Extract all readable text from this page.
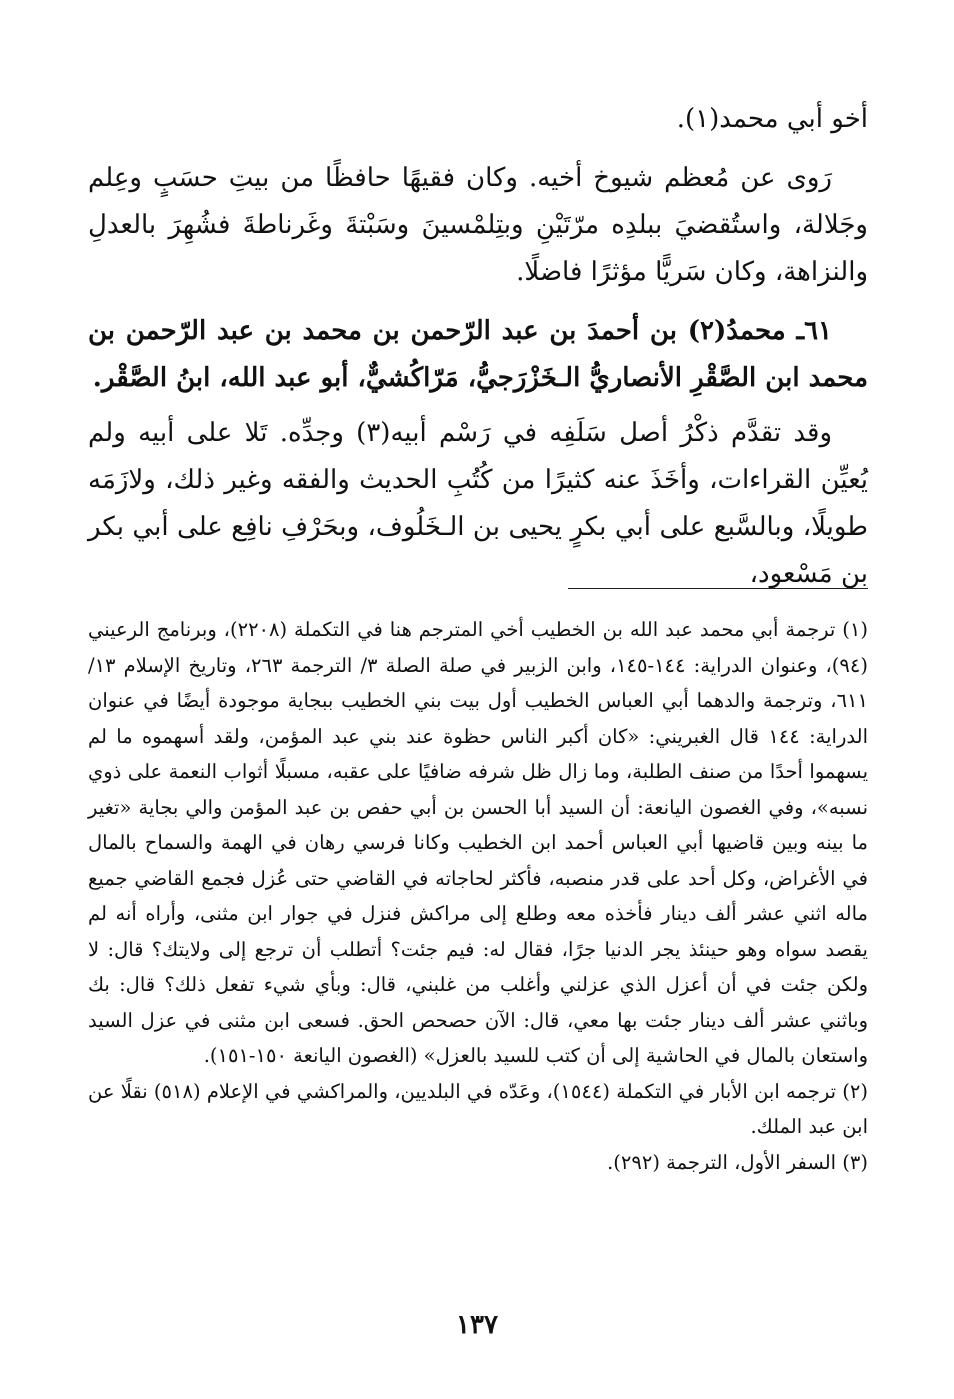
أخو أبي محمد(١).

رَوى عن مُعظم شيوخ أخيه. وكان فقيهًا حافظًا من بيتِ حسَبٍ وعِلم وجَلالة، واستُقضيَ ببلدِه مرّتَيْنِ وبتِلمْسينَ وسَبْتةَ وغَرناطةَ فشُهِرَ بالعدلِ والنزاهة، وكان سَريًّا مؤثرًا فاضلًا.

٦١ـ محمدُ(٢) بن أحمدَ بن عبد الرّحمن بن محمد بن عبد الرّحمن بن محمد ابن الصَّقْرِ الأنصاريُّ الـخَزْرَجيُّ، مَرّاكُشيٌّ، أبو عبد الله، ابنُ الصَّقْر.

وقد تقدَّم ذكْرُ أصل سَلَفِه في رَسْم أبيه(٣) وجدِّه. تَلا على أبيه ولم يُعيِّن القراءات، وأخَذَ عنه كثيرًا من كُتُبِ الحديث والفقه وغير ذلك، ولازَمَه طويلًا، وبالسَّبع على أبي بكرٍ يحيى بن الـخَلُوف، وبحَرْفِ نافِع على أبي بكر بن مَسْعود،

(١) ترجمة أبي محمد عبد الله بن الخطيب أخي المترجم هنا في التكملة (٢٢٠٨)، وبرنامج الرعيني (٩٤)، وعنوان الدراية: ١٤٤-١٤٥، وابن الزبير في صلة الصلة ٣/ الترجمة ٢٦٣، وتاريخ الإسلام ١٣/ ٦١١، وترجمة والدهما أبي العباس الخطيب أول بيت بني الخطيب ببجاية موجودة أيضًا في عنوان الدراية: ١٤٤ قال الغبريني: «كان أكبر الناس حظوة عند بني عبد المؤمن، ولقد أسهموه ما لم يسهموا أحدًا من صنف الطلبة، وما زال ظل شرفه ضافيًا على عقبه، مسبلًا أثواب النعمة على ذوي نسبه»، وفي الغصون اليانعة: أن السيد أبا الحسن بن أبي حفص بن عبد المؤمن والي بجاية «تغير ما بينه وبين قاضيها أبي العباس أحمد ابن الخطيب وكانا فرسي رهان في الهمة والسماح بالمال في الأغراض، وكل أحد على قدر منصبه، فأكثر لحاجاته في القاضي حتى عُزل فجمع القاضي جميع ماله اثني عشر ألف دينار فأخذه معه وطلع إلى مراكش فنزل في جوار ابن مثنى، وأراه أنه لم يقصد سواه وهو حينئذ يجر الدنيا جرًا، فقال له: فيم جئت؟ أتطلب أن ترجع إلى ولايتك؟ قال: لا ولكن جئت في أن أعزل الذي عزلني وأغلب من غلبني، قال: وبأي شيء تفعل ذلك؟ قال: بك وباثني عشر ألف دينار جئت بها معي، قال: الآن حصحص الحق. فسعى ابن مثنى في عزل السيد واستعان بالمال في الحاشية إلى أن كتب للسيد بالعزل» (الغصون اليانعة ١٥٠-١٥١).

(٢) ترجمه ابن الأبار في التكملة (١٥٤٤)، وعَدّه في البلديين، والمراكشي في الإعلام (٥١٨) نقلًا عن ابن عبد الملك.

(٣) السفر الأول، الترجمة (٢٩٢).

١٣٧
